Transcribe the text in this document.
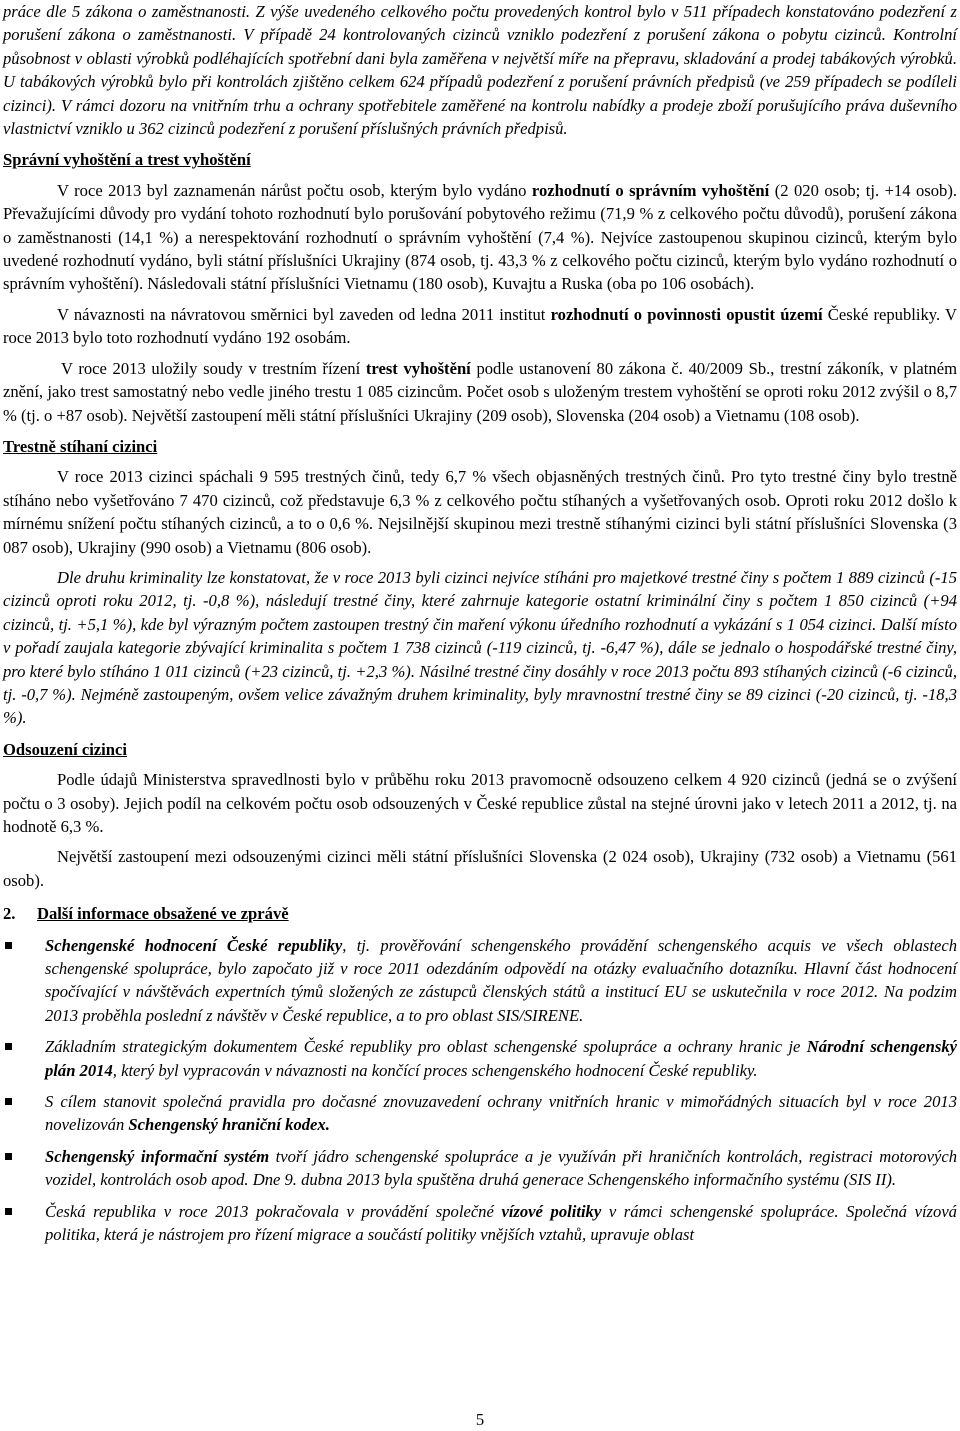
práce dle 5 zákona o zaměstnanosti. Z výše uvedeného celkového počtu provedených kontrol bylo v 511 případech konstatováno podezření z porušení zákona o zaměstnanosti. V případě 24 kontrolovaných cizinců vzniklo podezření z porušení zákona o pobytu cizinců. Kontrolní působnost v oblasti výrobků podléhajících spotřební dani byla zaměřena v největší míře na přepravu, skladování a prodej tabákových výrobků. U tabákových výrobků bylo při kontrolách zjištěno celkem 624 případů podezření z porušení právních předpisů (ve 259 případech se podíleli cizinci). V rámci dozoru na vnitřním trhu a ochrany spotřebitele zaměřené na kontrolu nabídky a prodeje zboží porušujícího práva duševního vlastnictví vzniklo u 362 cizinců podezření z porušení příslušných právních předpisů.

Správní vyhoštění a trest vyhoštění

V roce 2013 byl zaznamenán nárůst počtu osob, kterým bylo vydáno rozhodnutí o správním vyhoštění (2 020 osob; tj. +14 osob). Převažujícími důvody pro vydání tohoto rozhodnutí bylo porušování pobytového režimu (71,9 % z celkového počtu důvodů), porušení zákona o zaměstnanosti (14,1 %) a nerespektování rozhodnutí o správním vyhoštění (7,4 %). Nejvíce zastoupenou skupinou cizinců, kterým bylo uvedené rozhodnutí vydáno, byli státní příslušníci Ukrajiny (874 osob, tj. 43,3 % z celkového počtu cizinců, kterým bylo vydáno rozhodnutí o správním vyhoštění). Následovali státní příslušníci Vietnamu (180 osob), Kuvajtu a Ruska (oba po 106 osobách).

V návaznosti na návratovou směrnici byl zaveden od ledna 2011 institut rozhodnutí o povinnosti opustit území České republiky. V roce 2013 bylo toto rozhodnutí vydáno 192 osobám.

V roce 2013 uložily soudy v trestním řízení trest vyhoštění podle ustanovení 80 zákona č. 40/2009 Sb., trestní zákoník, v platném znění, jako trest samostatný nebo vedle jiného trestu 1 085 cizincům. Počet osob s uloženým trestem vyhoštění se oproti roku 2012 zvýšil o 8,7 % (tj. o +87 osob). Největší zastoupení měli státní příslušníci Ukrajiny (209 osob), Slovenska (204 osob) a Vietnamu (108 osob).

Trestně stíhaní cizinci

V roce 2013 cizinci spáchali 9 595 trestných činů, tedy 6,7 % všech objasněných trestných činů. Pro tyto trestné činy bylo trestně stíháno nebo vyšetřováno 7 470 cizinců, což představuje 6,3 % z celkového počtu stíhaných a vyšetřovaných osob. Oproti roku 2012 došlo k mírnému snížení počtu stíhaných cizinců, a to o 0,6 %. Nejsilnější skupinou mezi trestně stíhanými cizinci byli státní příslušníci Slovenska (3 087 osob), Ukrajiny (990 osob) a Vietnamu (806 osob).

Dle druhu kriminality lze konstatovat, že v roce 2013 byli cizinci nejvíce stíháni pro majetkové trestné činy s počtem 1 889 cizinců (-15 cizinců oproti roku 2012, tj. -0,8 %), následují trestné činy, které zahrnuje kategorie ostatní kriminální činy s počtem 1 850 cizinců (+94 cizinců, tj. +5,1 %), kde byl výrazným počtem zastoupen trestný čin maření výkonu úředního rozhodnutí a vykázání s 1 054 cizinci. Další místo v pořadí zaujala kategorie zbývající kriminalita s počtem 1 738 cizinců (-119 cizinců, tj. -6,47 %), dále se jednalo o hospodářské trestné činy, pro které bylo stíháno 1 011 cizinců (+23 cizinců, tj. +2,3 %). Násilné trestné činy dosáhly v roce 2013 počtu 893 stíhaných cizinců (-6 cizinců, tj. -0,7 %). Nejméně zastoupeným, ovšem velice závažným druhem kriminality, byly mravnostní trestné činy se 89 cizinci (-20 cizinců, tj. -18,3 %).

Odsouzení cizinci

Podle údajů Ministerstva spravedlnosti bylo v průběhu roku 2013 pravomocně odsouzeno celkem 4 920 cizinců (jedná se o zvýšení počtu o 3 osoby). Jejich podíl na celkovém počtu osob odsouzených v České republice zůstal na stejné úrovni jako v letech 2011 a 2012, tj. na hodnotě 6,3 %.

Největší zastoupení mezi odsouzenými cizinci měli státní příslušníci Slovenska (2 024 osob), Ukrajiny (732 osob) a Vietnamu (561 osob).

2. Další informace obsažené ve zprávě

Schengenské hodnocení České republiky, tj. prověřování schengenského provádění schengenského acquis ve všech oblastech schengenské spolupráce, bylo započato již v roce 2011 odezdáním odpovědí na otázky evaluačního dotazníku. Hlavní část hodnocení spočívající v návštěvách expertních týmů složených ze zástupců členských států a institucí EU se uskutečnila v roce 2012. Na podzim 2013 proběhla poslední z návštěv v České republice, a to pro oblast SIS/SIRENE.

Základním strategickým dokumentem České republiky pro oblast schengenské spolupráce a ochrany hranic je Národní schengenský plán 2014, který byl vypracován v návaznosti na končící proces schengenského hodnocení České republiky.

S cílem stanovit společná pravidla pro dočasné znovuzavedení ochrany vnitřních hranic v mimořádných situacích byl v roce 2013 novelizován Schengenský hraniční kodex.

Schengenský informační systém tvoří jádro schengenské spolupráce a je využíván při hraničních kontrolách, registraci motorových vozidel, kontrolách osob apod. Dne 9. dubna 2013 byla spuštěna druhá generace Schengenského informačního systému (SIS II).

Česká republika v roce 2013 pokračovala v provádění společné vízové politiky v rámci schengenské spolupráce. Společná vízová politika, která je nástrojem pro řízení migrace a součástí politiky vnějších vztahů, upravuje oblast

5
